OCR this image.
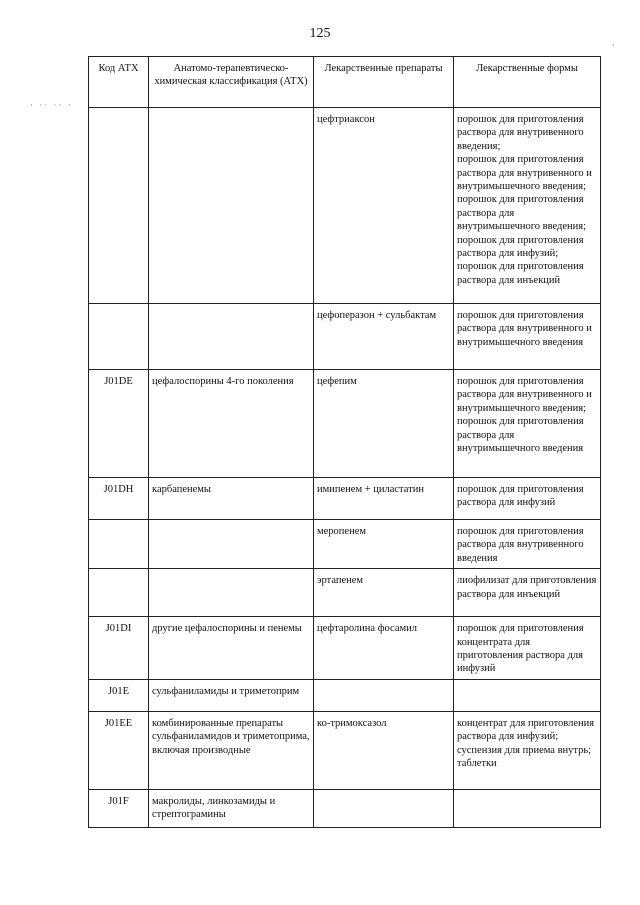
125
· ·· ·· ·
·
Код АТХ	Анатомо-терапевтическо-химическая классификация (АТХ)	Лекарственные препараты	Лекарственные формы
		цефтриаксон	порошок для приготовления раствора для внутривенного введения;
порошок для приготовления раствора для внутривенного и внутримышечного введения;
порошок для приготовления раствора для внутримышечного введения;
порошок для приготовления раствора для инфузий;
порошок для приготовления раствора для инъекций

		цефоперазон + сульбактам	порошок для приготовления раствора для внутривенного и внутримышечного введения

J01DE	цефалоспорины 4-го поколения	цефепим	порошок для приготовления раствора для внутривенного и внутримышечного введения;
порошок для приготовления раствора для внутримышечного введения

J01DH	карбапенемы	имипенем + циластатин	порошок для приготовления раствора для инфузий

		меропенем	порошок для приготовления раствора для внутривенного введения

		эртапенем	лиофилизат для приготовления раствора для инъекций

J01DI	другие цефалоспорины и пенемы	цефтаролина фосамил	порошок для приготовления концентрата для приготовления раствора для инфузий

J01E	сульфаниламиды и триметоприм		
J01EE	комбинированные препараты сульфаниламидов и триметоприма, включая производные	ко-тримоксазол	концентрат для приготовления раствора для инфузий;
суспензия для приема внутрь;
таблетки

J01F	макролиды, линкозамиды и стрептограмины		
